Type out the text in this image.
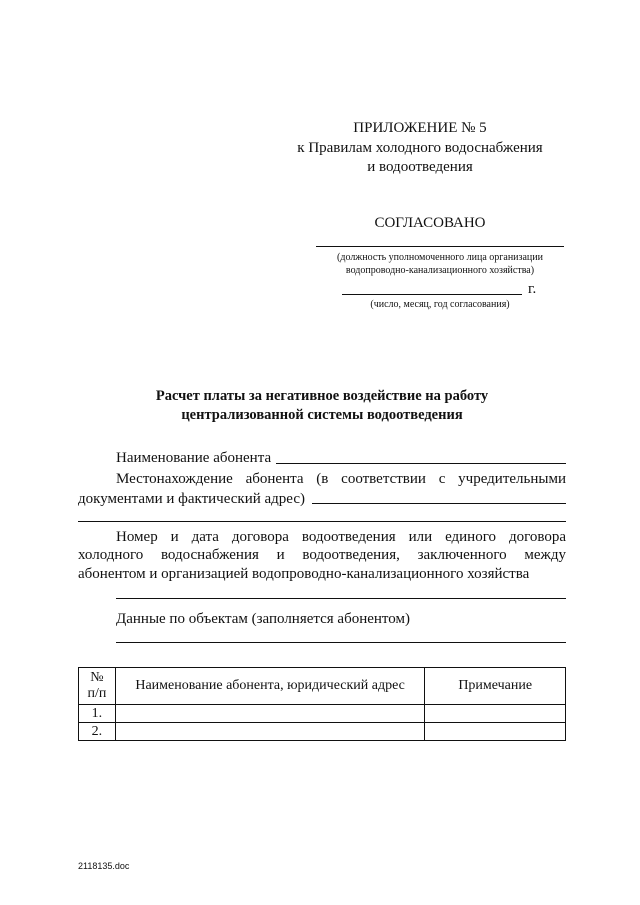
ПРИЛОЖЕНИЕ № 5
к Правилам холодного водоснабжения
и водоотведения
СОГЛАСОВАНО
(должность уполномоченного лица организации
водопроводно-канализационного хозяйства)
г.
(число, месяц, год согласования)
Расчет платы за негативное воздействие на работу
централизованной системы водоотведения
Наименование абонента
Местонахождение абонента (в соответствии с учредительными
документами и фактический адрес)
Номер и дата договора водоотведения или единого договора
холодного водоснабжения и водоотведения, заключенного между
абонентом и организацией водопроводно-канализационного хозяйства
Данные по объектам (заполняется абонентом)
№
п/п	Наименование абонента, юридический адрес	Примечание
1.		
2.		
2118135.doc
